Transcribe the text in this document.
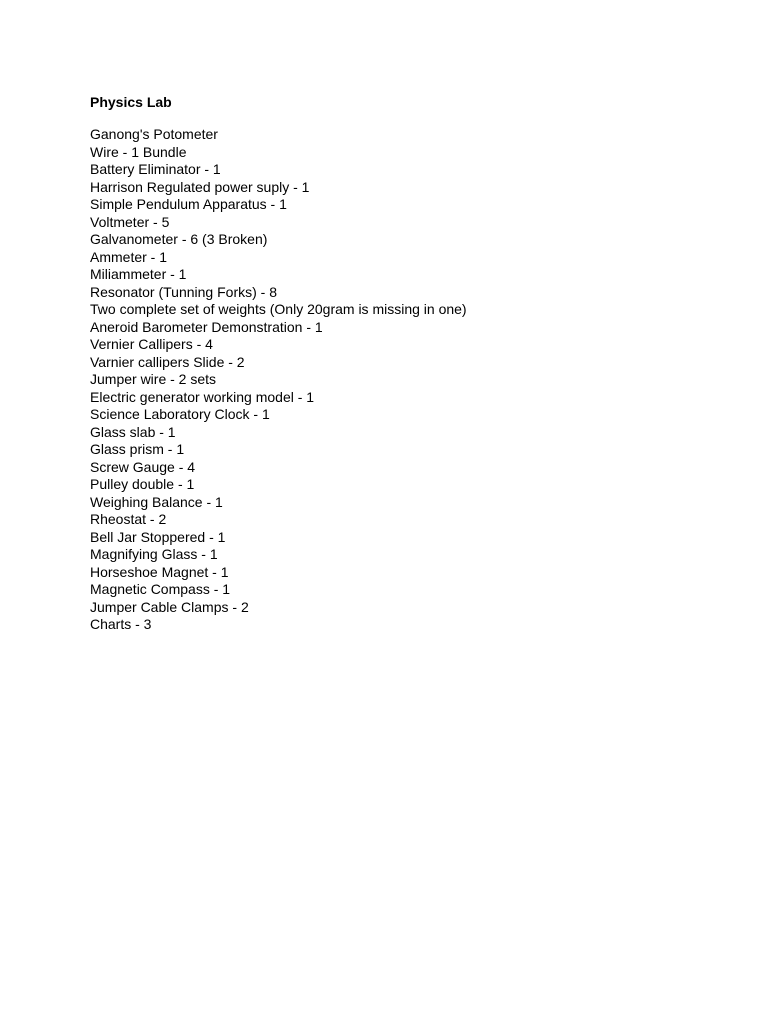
Physics Lab
Ganong's Potometer
Wire - 1 Bundle
Battery Eliminator - 1
Harrison Regulated power suply - 1
Simple Pendulum Apparatus - 1
Voltmeter - 5
Galvanometer - 6 (3 Broken)
Ammeter - 1
Miliammeter - 1
Resonator (Tunning Forks) - 8
Two complete set of weights (Only 20gram is missing in one)
Aneroid Barometer Demonstration - 1
Vernier Callipers - 4
Varnier callipers Slide - 2
Jumper wire - 2 sets
Electric generator working model - 1
Science Laboratory Clock - 1
Glass slab - 1
Glass prism - 1
Screw Gauge - 4
Pulley double - 1
Weighing Balance - 1
Rheostat - 2
Bell Jar Stoppered - 1
Magnifying Glass - 1
Horseshoe Magnet - 1
Magnetic Compass - 1
Jumper Cable Clamps - 2
Charts - 3
